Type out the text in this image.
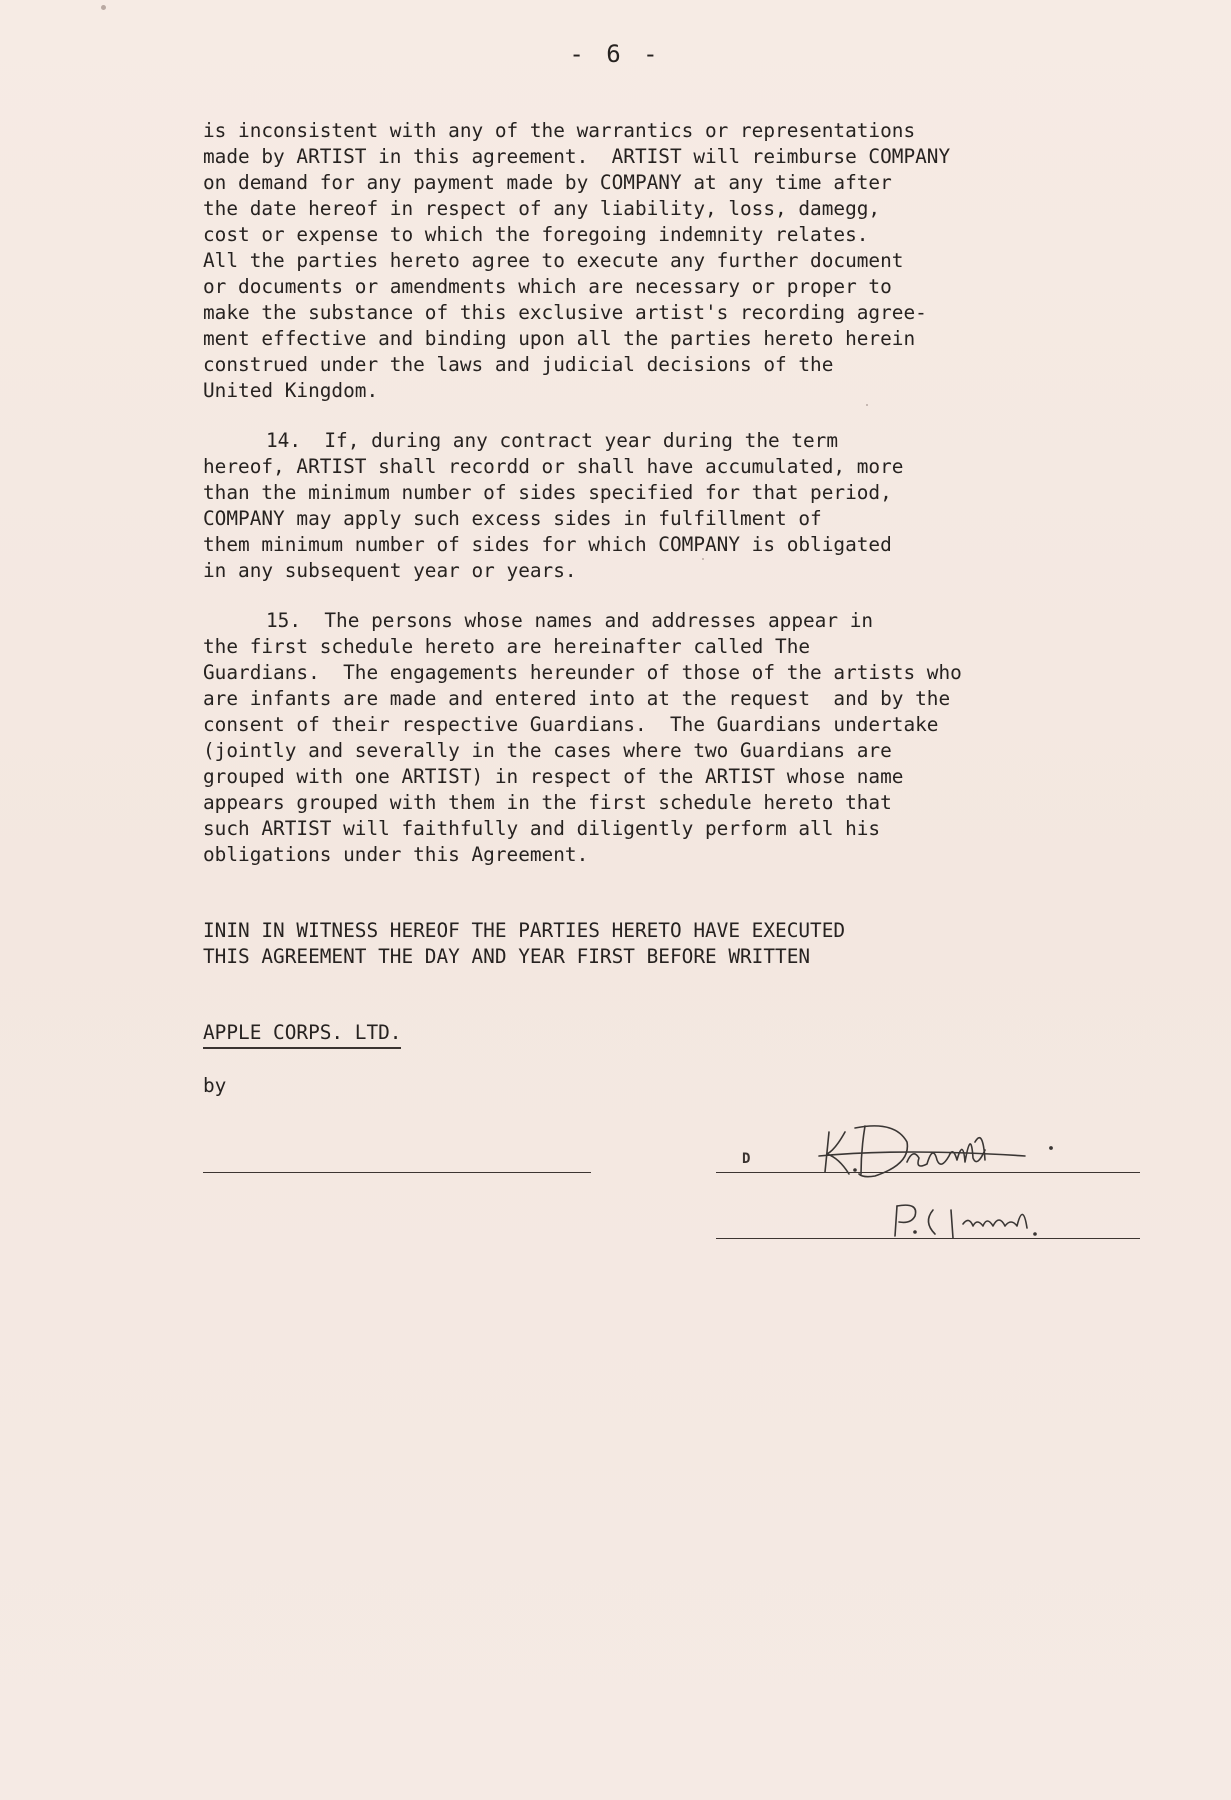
- 6 -

is inconsistent with any of the warrantics or representations

made by ARTIST in this agreement.  ARTIST will reimburse COMPANY

on demand for any payment made by COMPANY at any time after

the date hereof in respect of any liability, loss, damegg,

cost or expense to which the foregoing indemnity relates.

All the parties hereto agree to execute any further document

or documents or amendments which are necessary or proper to

make the substance of this exclusive artist's recording agree-

ment effective and binding upon all the parties hereto herein

construed under the laws and judicial decisions of the

United Kingdom.

14.  If, during any contract year during the term

hereof, ARTIST shall recordd or shall have accumulated, more

than the minimum number of sides specified for that period,

COMPANY may apply such excess sides in fulfillment of

them minimum number of sides for which COMPANY is obligated

in any subsequent year or years.

15.  The persons whose names and addresses appear in

the first schedule hereto are hereinafter called The

Guardians.  The engagements hereunder of those of the artists who

are infants are made and entered into at the request  and by the

consent of their respective Guardians.  The Guardians undertake

(jointly and severally in the cases where two Guardians are

grouped with one ARTIST) in respect of the ARTIST whose name

appears grouped with them in the first schedule hereto that

such ARTIST will faithfully and diligently perform all his

obligations under this Agreement.

ININ IN WITNESS HEREOF THE PARTIES HERETO HAVE EXECUTED

THIS AGREEMENT THE DAY AND YEAR FIRST BEFORE WRITTEN

APPLE CORPS. LTD.
by
D
